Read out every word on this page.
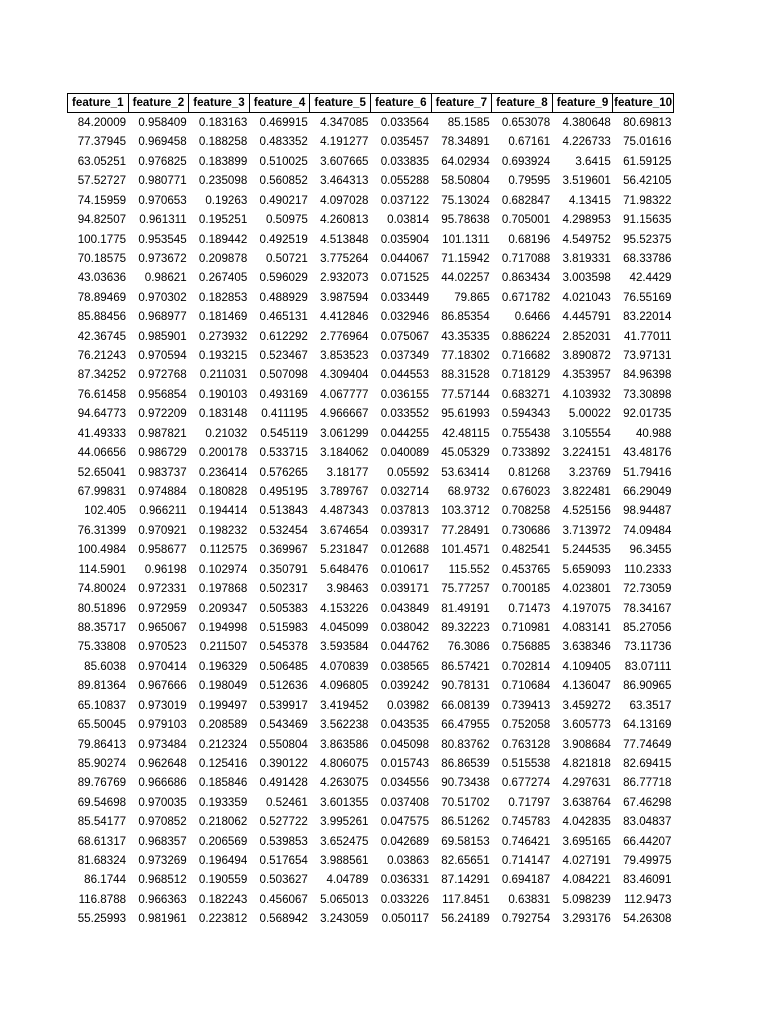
feature_1	feature_2	feature_3	feature_4	feature_5	feature_6	feature_7	feature_8	feature_9	feature_10
84.20009	0.958409	0.183163	0.469915	4.347085	0.033564	85.1585	0.653078	4.380648	80.69813
77.37945	0.969458	0.188258	0.483352	4.191277	0.035457	78.34891	0.67161	4.226733	75.01616
63.05251	0.976825	0.183899	0.510025	3.607665	0.033835	64.02934	0.693924	3.6415	61.59125
57.52727	0.980771	0.235098	0.560852	3.464313	0.055288	58.50804	0.79595	3.519601	56.42105
74.15959	0.970653	0.19263	0.490217	4.097028	0.037122	75.13024	0.682847	4.13415	71.98322
94.82507	0.961311	0.195251	0.50975	4.260813	0.03814	95.78638	0.705001	4.298953	91.15635
100.1775	0.953545	0.189442	0.492519	4.513848	0.035904	101.1311	0.68196	4.549752	95.52375
70.18575	0.973672	0.209878	0.50721	3.775264	0.044067	71.15942	0.717088	3.819331	68.33786
43.03636	0.98621	0.267405	0.596029	2.932073	0.071525	44.02257	0.863434	3.003598	42.4429
78.89469	0.970302	0.182853	0.488929	3.987594	0.033449	79.865	0.671782	4.021043	76.55169
85.88456	0.968977	0.181469	0.465131	4.412846	0.032946	86.85354	0.6466	4.445791	83.22014
42.36745	0.985901	0.273932	0.612292	2.776964	0.075067	43.35335	0.886224	2.852031	41.77011
76.21243	0.970594	0.193215	0.523467	3.853523	0.037349	77.18302	0.716682	3.890872	73.97131
87.34252	0.972768	0.211031	0.507098	4.309404	0.044553	88.31528	0.718129	4.353957	84.96398
76.61458	0.956854	0.190103	0.493169	4.067777	0.036155	77.57144	0.683271	4.103932	73.30898
94.64773	0.972209	0.183148	0.411195	4.966667	0.033552	95.61993	0.594343	5.00022	92.01735
41.49333	0.987821	0.21032	0.545119	3.061299	0.044255	42.48115	0.755438	3.105554	40.988
44.06656	0.986729	0.200178	0.533715	3.184062	0.040089	45.05329	0.733892	3.224151	43.48176
52.65041	0.983737	0.236414	0.576265	3.18177	0.05592	53.63414	0.81268	3.23769	51.79416
67.99831	0.974884	0.180828	0.495195	3.789767	0.032714	68.9732	0.676023	3.822481	66.29049
102.405	0.966211	0.194414	0.513843	4.487343	0.037813	103.3712	0.708258	4.525156	98.94487
76.31399	0.970921	0.198232	0.532454	3.674654	0.039317	77.28491	0.730686	3.713972	74.09484
100.4984	0.958677	0.112575	0.369967	5.231847	0.012688	101.4571	0.482541	5.244535	96.3455
114.5901	0.96198	0.102974	0.350791	5.648476	0.010617	115.552	0.453765	5.659093	110.2333
74.80024	0.972331	0.197868	0.502317	3.98463	0.039171	75.77257	0.700185	4.023801	72.73059
80.51896	0.972959	0.209347	0.505383	4.153226	0.043849	81.49191	0.71473	4.197075	78.34167
88.35717	0.965067	0.194998	0.515983	4.045099	0.038042	89.32223	0.710981	4.083141	85.27056
75.33808	0.970523	0.211507	0.545378	3.593584	0.044762	76.3086	0.756885	3.638346	73.11736
85.6038	0.970414	0.196329	0.506485	4.070839	0.038565	86.57421	0.702814	4.109405	83.07111
89.81364	0.967666	0.198049	0.512636	4.096805	0.039242	90.78131	0.710684	4.136047	86.90965
65.10837	0.973019	0.199497	0.539917	3.419452	0.03982	66.08139	0.739413	3.459272	63.3517
65.50045	0.979103	0.208589	0.543469	3.562238	0.043535	66.47955	0.752058	3.605773	64.13169
79.86413	0.973484	0.212324	0.550804	3.863586	0.045098	80.83762	0.763128	3.908684	77.74649
85.90274	0.962648	0.125416	0.390122	4.806075	0.015743	86.86539	0.515538	4.821818	82.69415
89.76769	0.966686	0.185846	0.491428	4.263075	0.034556	90.73438	0.677274	4.297631	86.77718
69.54698	0.970035	0.193359	0.52461	3.601355	0.037408	70.51702	0.71797	3.638764	67.46298
85.54177	0.970852	0.218062	0.527722	3.995261	0.047575	86.51262	0.745783	4.042835	83.04837
68.61317	0.968357	0.206569	0.539853	3.652475	0.042689	69.58153	0.746421	3.695165	66.44207
81.68324	0.973269	0.196494	0.517654	3.988561	0.03863	82.65651	0.714147	4.027191	79.49975
86.1744	0.968512	0.190559	0.503627	4.04789	0.036331	87.14291	0.694187	4.084221	83.46091
116.8788	0.966363	0.182243	0.456067	5.065013	0.033226	117.8451	0.63831	5.098239	112.9473
55.25993	0.981961	0.223812	0.568942	3.243059	0.050117	56.24189	0.792754	3.293176	54.26308
